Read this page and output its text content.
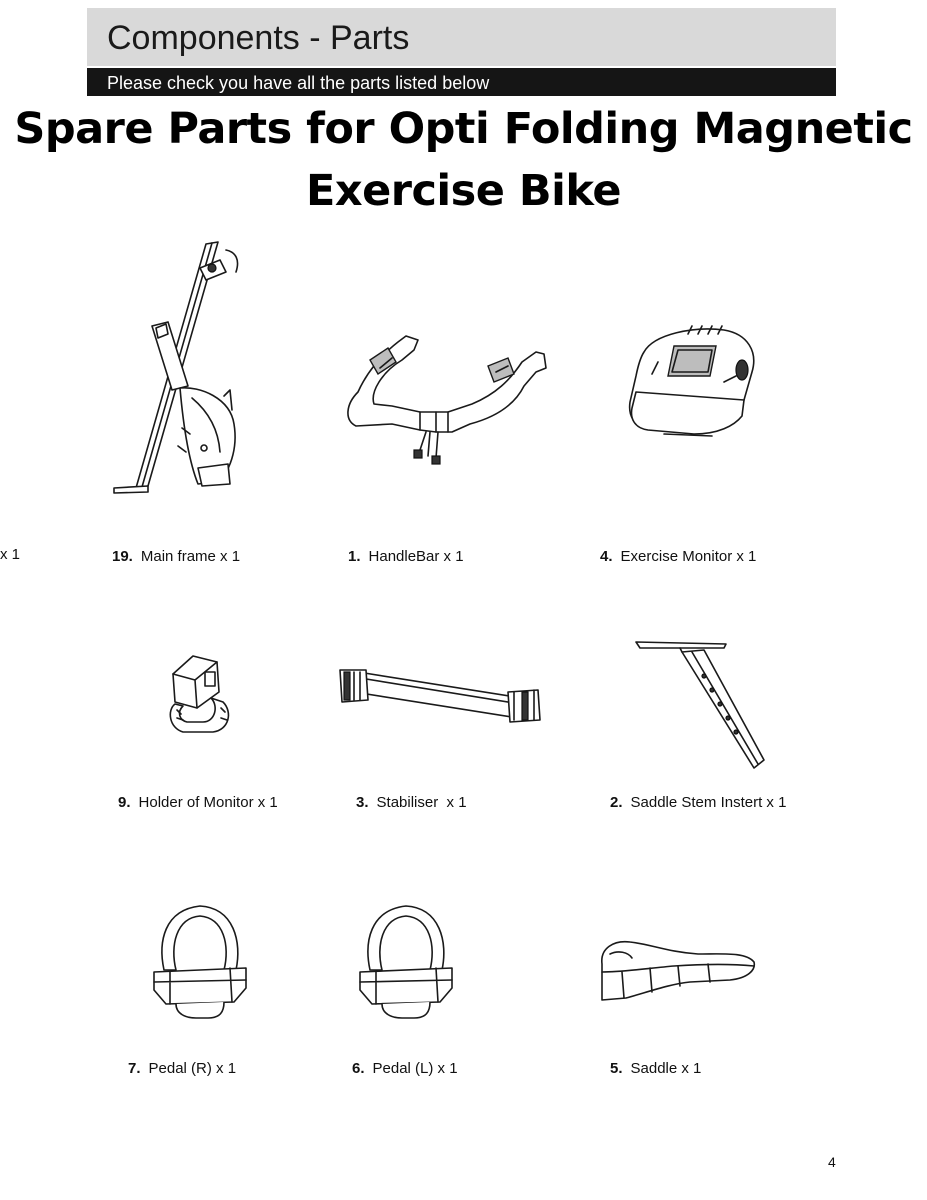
Components - Parts
Please check you have all the parts listed below
Spare Parts for Opti Folding Magnetic Exercise Bike
x 1	19. Main frame x 1	1. HandleBar x 1	4. Exercise Monitor x 1
9. Holder of Monitor x 1	3. Stabiliser  x 1	2. Saddle Stem Instert x 1
7. Pedal (R) x 1	6. Pedal (L) x 1	5. Saddle x 1
4
